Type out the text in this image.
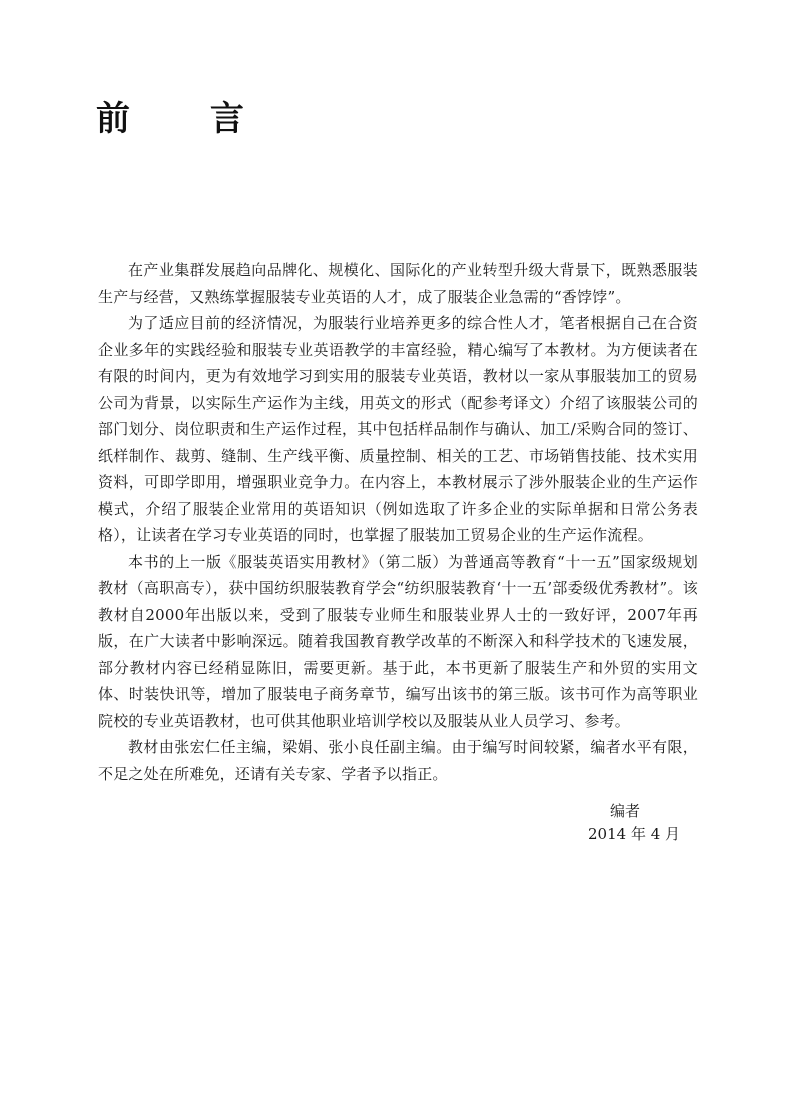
前 言

在产业集群发展趋向品牌化、规模化、国际化的产业转型升级大背景下，既熟悉服装生产与经营，又熟练掌握服装专业英语的人才，成了服装企业急需的“香饽饽”。

为了适应目前的经济情况，为服装行业培养更多的综合性人才，笔者根据自己在合资企业多年的实践经验和服装专业英语教学的丰富经验，精心编写了本教材。为方便读者在有限的时间内，更为有效地学习到实用的服装专业英语，教材以一家从事服装加工的贸易公司为背景，以实际生产运作为主线，用英文的形式（配参考译文）介绍了该服装公司的部门划分、岗位职责和生产运作过程，其中包括样品制作与确认、加工/采购合同的签订、纸样制作、裁剪、缝制、生产线平衡、质量控制、相关的工艺、市场销售技能、技术实用资料，可即学即用，增强职业竞争力。在内容上，本教材展示了涉外服装企业的生产运作模式，介绍了服装企业常用的英语知识（例如选取了许多企业的实际单据和日常公务表格），让读者在学习专业英语的同时，也掌握了服装加工贸易企业的生产运作流程。

本书的上一版《服装英语实用教材》（第二版）为普通高等教育“十一五”国家级规划教材（高职高专），获中国纺织服装教育学会“纺织服装教育‘十一五’部委级优秀教材”。该教材自2000年出版以来，受到了服装专业师生和服装业界人士的一致好评，2007年再版，在广大读者中影响深远。随着我国教育教学改革的不断深入和科学技术的飞速发展，部分教材内容已经稍显陈旧，需要更新。基于此，本书更新了服装生产和外贸的实用文体、时装快讯等，增加了服装电子商务章节，编写出该书的第三版。该书可作为高等职业院校的专业英语教材，也可供其他职业培训学校以及服装从业人员学习、参考。

教材由张宏仁任主编，梁娟、张小良任副主编。由于编写时间较紧，编者水平有限，不足之处在所难免，还请有关专家、学者予以指正。

编者
2014 年 4 月
